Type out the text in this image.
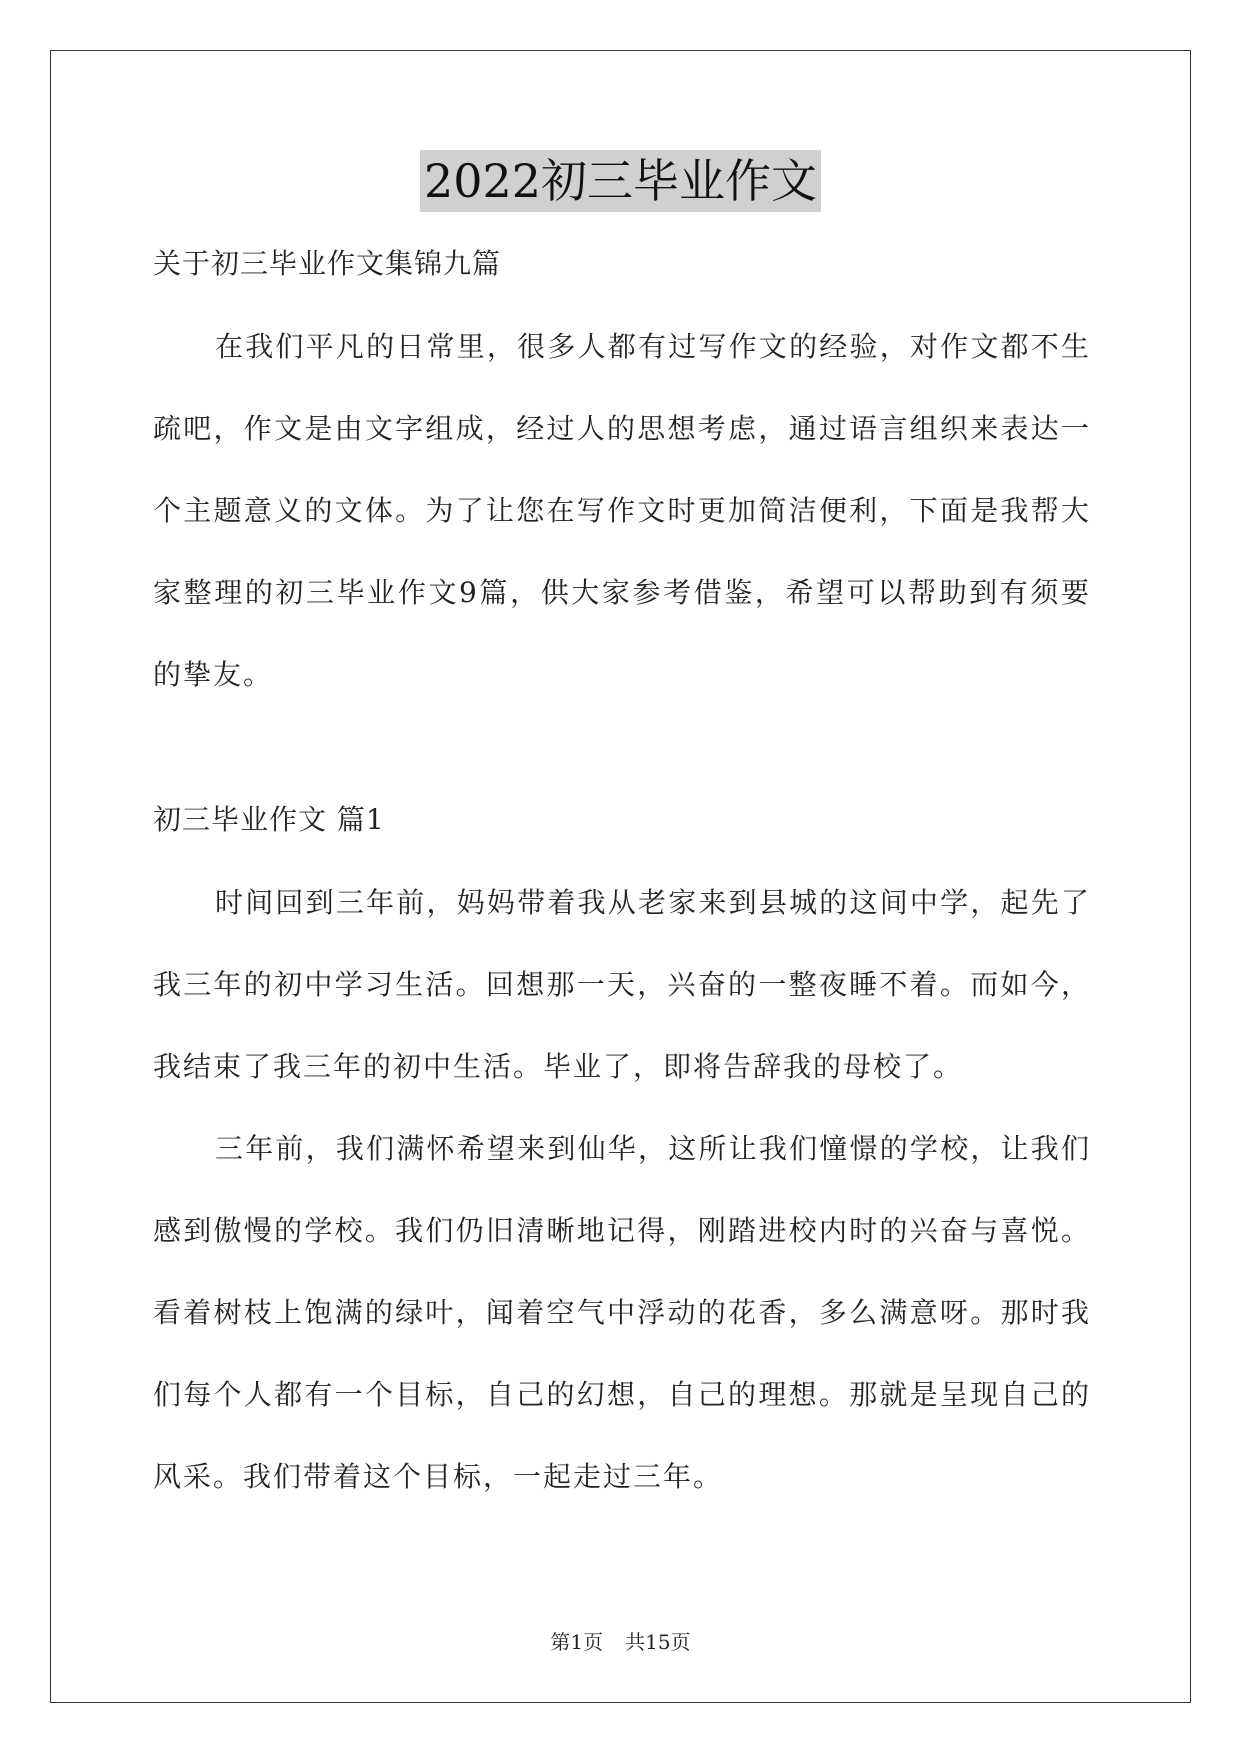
2022初三毕业作文

关于初三毕业作文集锦九篇

在我们平凡的日常里，很多人都有过写作文的经验，对作文都不生疏吧，作文是由文字组成，经过人的思想考虑，通过语言组织来表达一个主题意义的文体。为了让您在写作文时更加简洁便利，下面是我帮大家整理的初三毕业作文9篇，供大家参考借鉴，希望可以帮助到有须要的挚友。

初三毕业作文 篇1

时间回到三年前，妈妈带着我从老家来到县城的这间中学，起先了我三年的初中学习生活。回想那一天，兴奋的一整夜睡不着。而如今，我结束了我三年的初中生活。毕业了，即将告辞我的母校了。

三年前，我们满怀希望来到仙华，这所让我们憧憬的学校，让我们感到傲慢的学校。我们仍旧清晰地记得，刚踏进校内时的兴奋与喜悦。看着树枝上饱满的绿叶，闻着空气中浮动的花香，多么满意呀。那时我们每个人都有一个目标，自己的幻想，自己的理想。那就是呈现自己的风采。我们带着这个目标，一起走过三年。

第1页 共15页
